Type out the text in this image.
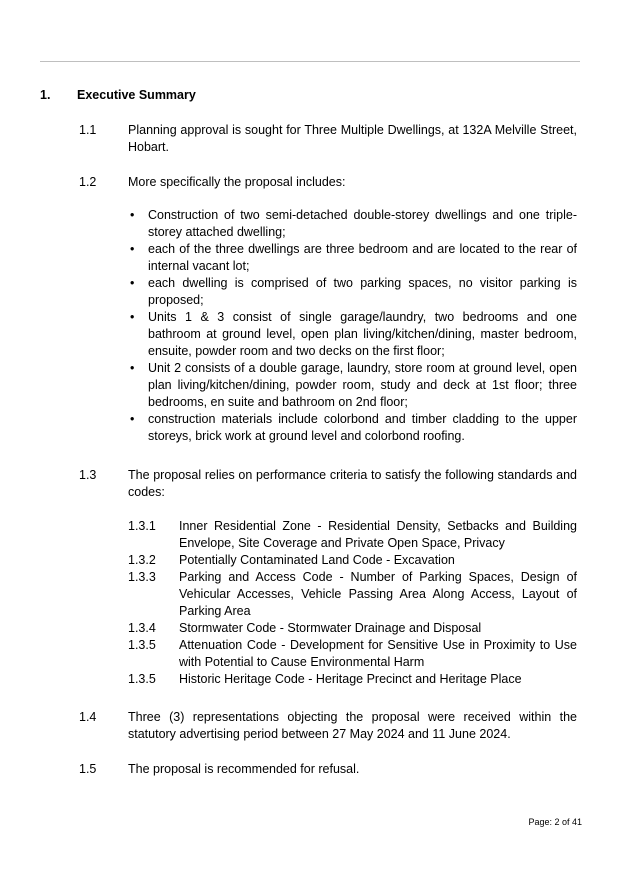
1. Executive Summary
1.1	Planning approval is sought for Three Multiple Dwellings, at 132A Melville Street, Hobart.
1.2	More specifically the proposal includes:
• Construction of two semi-detached double-storey dwellings and one triple-storey attached dwelling;
• each of the three dwellings are three bedroom and are located to the rear of internal vacant lot;
• each dwelling is comprised of two parking spaces, no visitor parking is proposed;
• Units 1 & 3 consist of single garage/laundry, two bedrooms and one bathroom at ground level, open plan living/kitchen/dining, master bedroom, ensuite, powder room and two decks on the first floor;
• Unit 2 consists of a double garage, laundry, store room at ground level, open plan living/kitchen/dining, powder room, study and deck at 1st floor; three bedrooms, en suite and bathroom on 2nd floor;
• construction materials include colorbond and timber cladding to the upper storeys, brick work at ground level and colorbond roofing.
1.3	The proposal relies on performance criteria to satisfy the following standards and codes:
1.3.1	Inner Residential Zone - Residential Density, Setbacks and Building Envelope, Site Coverage and Private Open Space, Privacy
1.3.2	Potentially Contaminated Land Code - Excavation
1.3.3	Parking and Access Code - Number of Parking Spaces, Design of Vehicular Accesses, Vehicle Passing Area Along Access, Layout of Parking Area
1.3.4	Stormwater Code - Stormwater Drainage and Disposal
1.3.5	Attenuation Code - Development for Sensitive Use in Proximity to Use with Potential to Cause Environmental Harm
1.3.5	Historic Heritage Code - Heritage Precinct and Heritage Place
1.4	Three (3) representations objecting the proposal were received within the statutory advertising period between 27 May 2024 and 11 June 2024.
1.5	The proposal is recommended for refusal.
Page: 2 of 41
